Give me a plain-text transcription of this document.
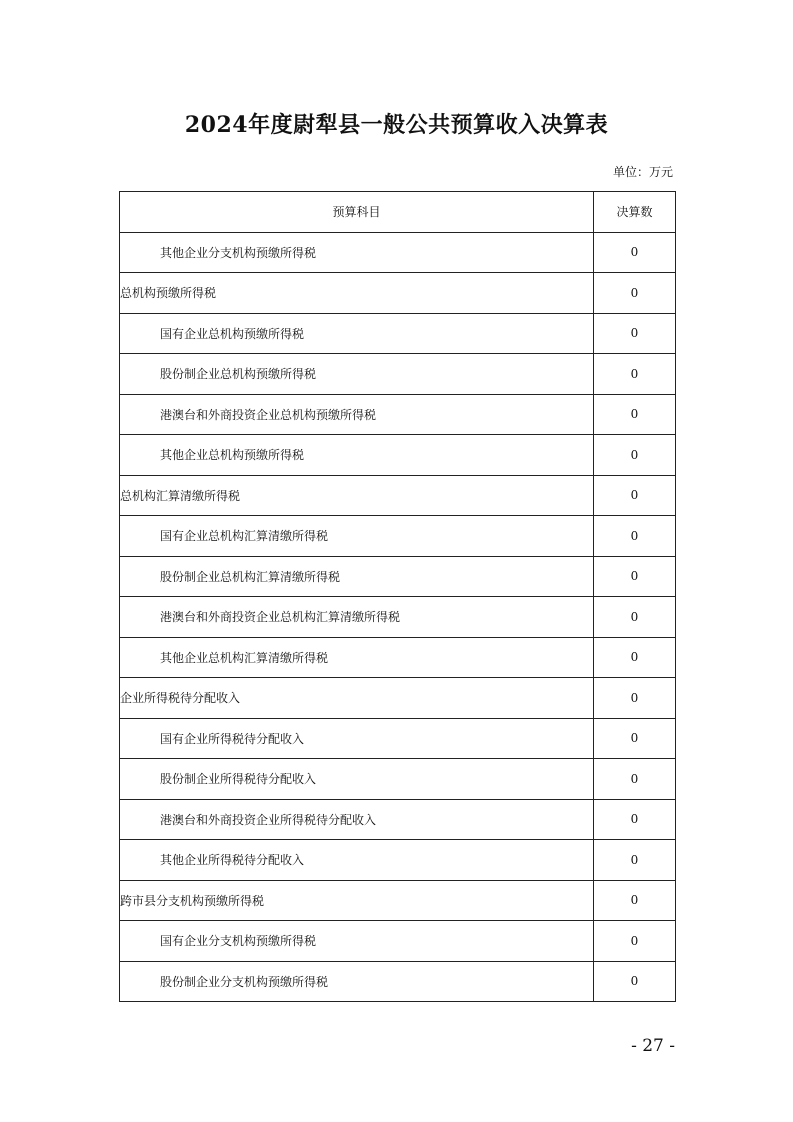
2024年度尉犁县一般公共预算收入决算表
单位：万元
预算科目	决算数
其他企业分支机构预缴所得税	0
总机构预缴所得税	0
国有企业总机构预缴所得税	0
股份制企业总机构预缴所得税	0
港澳台和外商投资企业总机构预缴所得税	0
其他企业总机构预缴所得税	0
总机构汇算清缴所得税	0
国有企业总机构汇算清缴所得税	0
股份制企业总机构汇算清缴所得税	0
港澳台和外商投资企业总机构汇算清缴所得税	0
其他企业总机构汇算清缴所得税	0
企业所得税待分配收入	0
国有企业所得税待分配收入	0
股份制企业所得税待分配收入	0
港澳台和外商投资企业所得税待分配收入	0
其他企业所得税待分配收入	0
跨市县分支机构预缴所得税	0
国有企业分支机构预缴所得税	0
股份制企业分支机构预缴所得税	0
- 27 -
